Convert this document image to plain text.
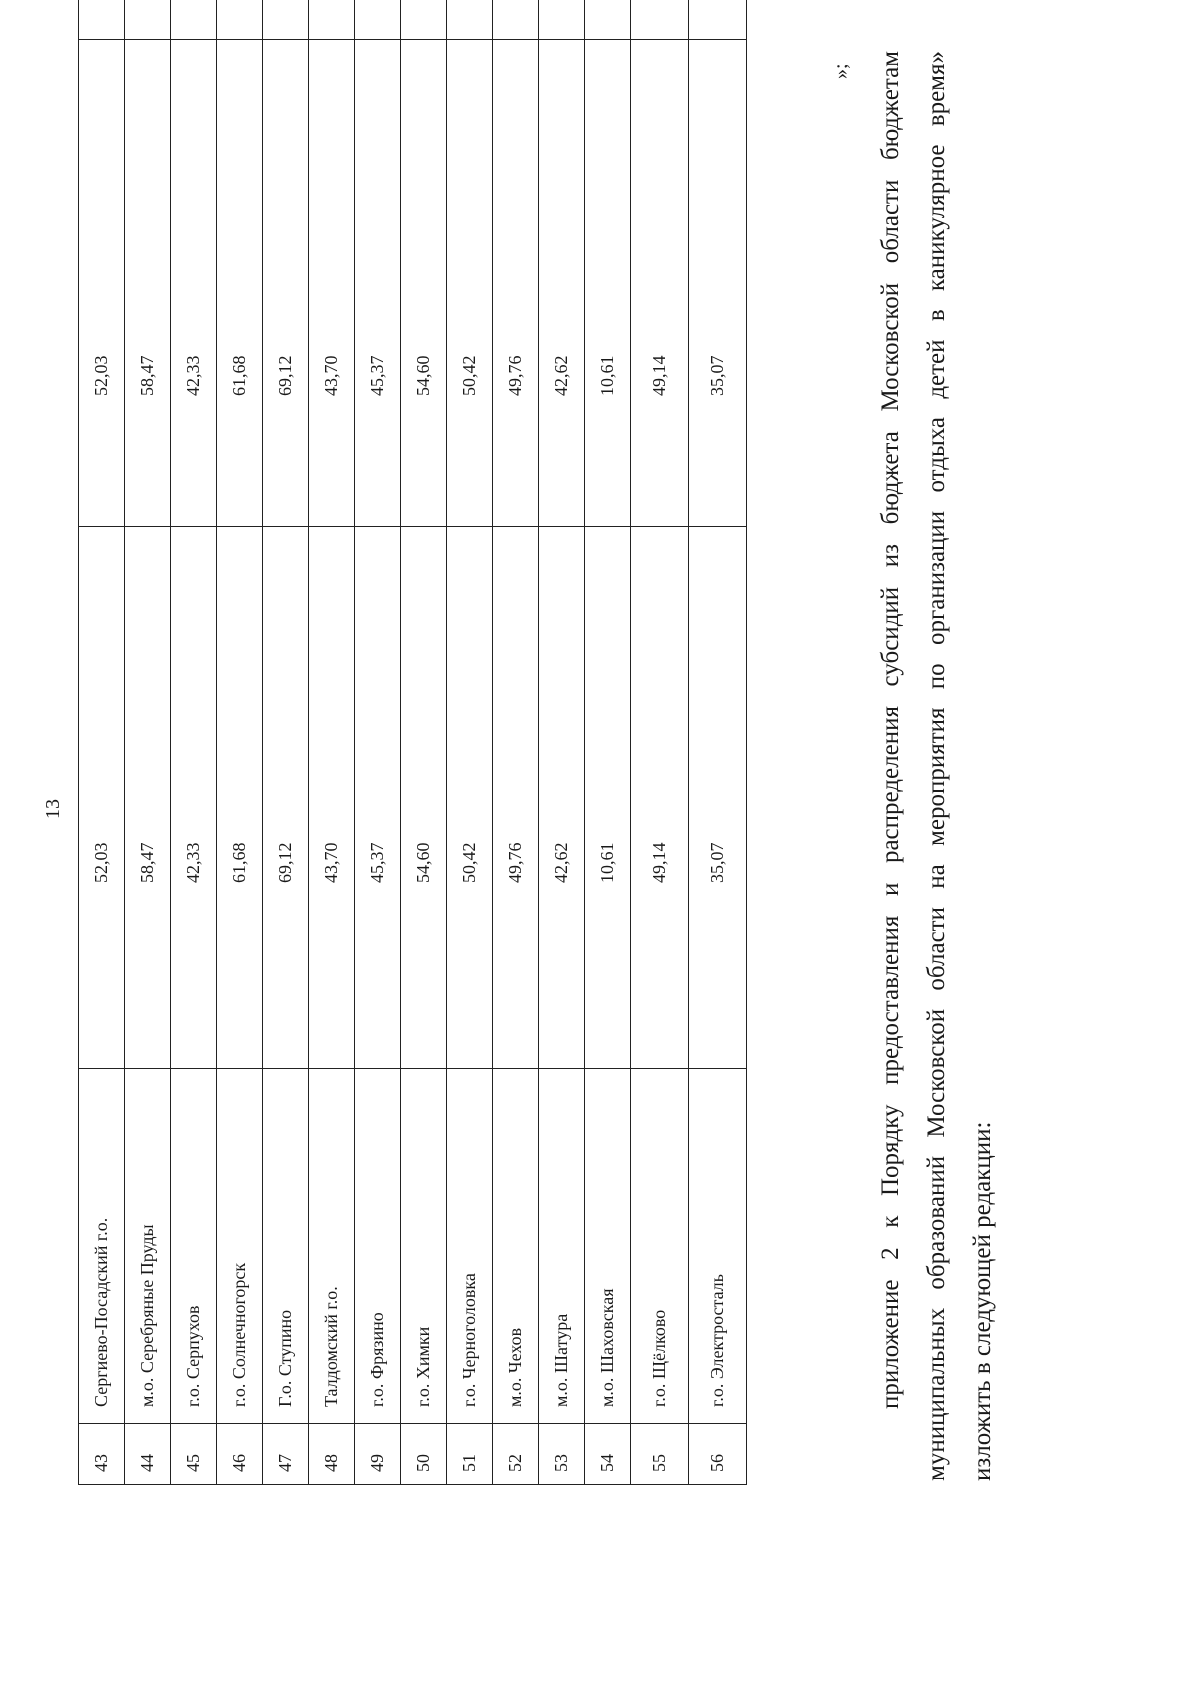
13
43	Сергиево-Посадский г.о.	52,03	52,03	
44	м.о. Серебряные Пруды	58,47	58,47	
45	г.о. Серпухов	42,33	42,33	
46	г.о. Солнечногорск	61,68	61,68	
47	Г.о. Ступино	69,12	69,12	
48	Талдомский г.о.	43,70	43,70	
49	г.о. Фрязино	45,37	45,37	
50	г.о. Химки	54,60	54,60	
51	г.о. Черноголовка	50,42	50,42	
52	м.о. Чехов	49,76	49,76	
53	м.о. Шатура	42,62	42,62	
54	м.о. Шаховская	10,61	10,61	
55	г.о. Щёлково	49,14	49,14	
56	г.о. Электросталь	35,07	35,07	
»;	приложение 2 к Порядку предоставления и распределения субсидий из бюджета Московской области бюджетам муниципальных образований Московской области на мероприятия по организации отдыха детей в каникулярное время» изложить в следующей редакции:
